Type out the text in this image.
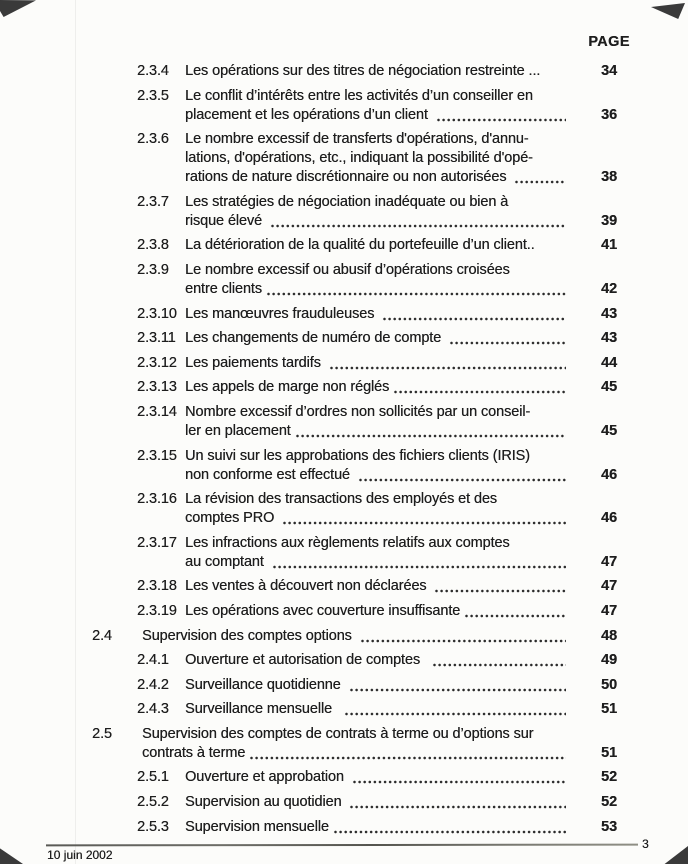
PAGE
2.3.4	Les opérations sur des titres de négociation restreinte ...	34
2.3.5	Le conflit d’intérêts entre les activités d’un conseiller en
placement et les opérations d’un client	36
2.3.6	Le nombre excessif de transferts d'opérations, d'annu-
lations, d'opérations, etc., indiquant la possibilité d'opé-
rations de nature discrétionnaire ou non autorisées	38
2.3.7	Les stratégies de négociation inadéquate ou bien à
risque élevé	39
2.3.8	La détérioration de la qualité du portefeuille d’un client..	41
2.3.9	Le nombre excessif ou abusif d’opérations croisées
entre clients	42
2.3.10 Les manœuvres frauduleuses	43
2.3.11 Les changements de numéro de compte	43
2.3.12 Les paiements tardifs	44
2.3.13 Les appels de marge non réglés	45
2.3.14 Nombre excessif d’ordres non sollicités par un conseil-
ler en placement	45
2.3.15 Un suivi sur les approbations des fichiers clients (IRIS)
non conforme est effectué	46
2.3.16 La révision des transactions des employés et des
comptes PRO	46
2.3.17 Les infractions aux règlements relatifs aux comptes
au comptant	47
2.3.18 Les ventes à découvert non déclarées	47
2.3.19 Les opérations avec couverture insuffisante	47
2.4	Supervision des comptes options	48
2.4.1	Ouverture et autorisation de comptes	49
2.4.2	Surveillance quotidienne	50
2.4.3	Surveillance mensuelle	51
2.5	Supervision des comptes de contrats à terme ou d’options sur
contrats à terme	51
2.5.1	Ouverture et approbation	52
2.5.2	Supervision au quotidien	52
2.5.3	Supervision mensuelle	53
10 juin 2002
3
